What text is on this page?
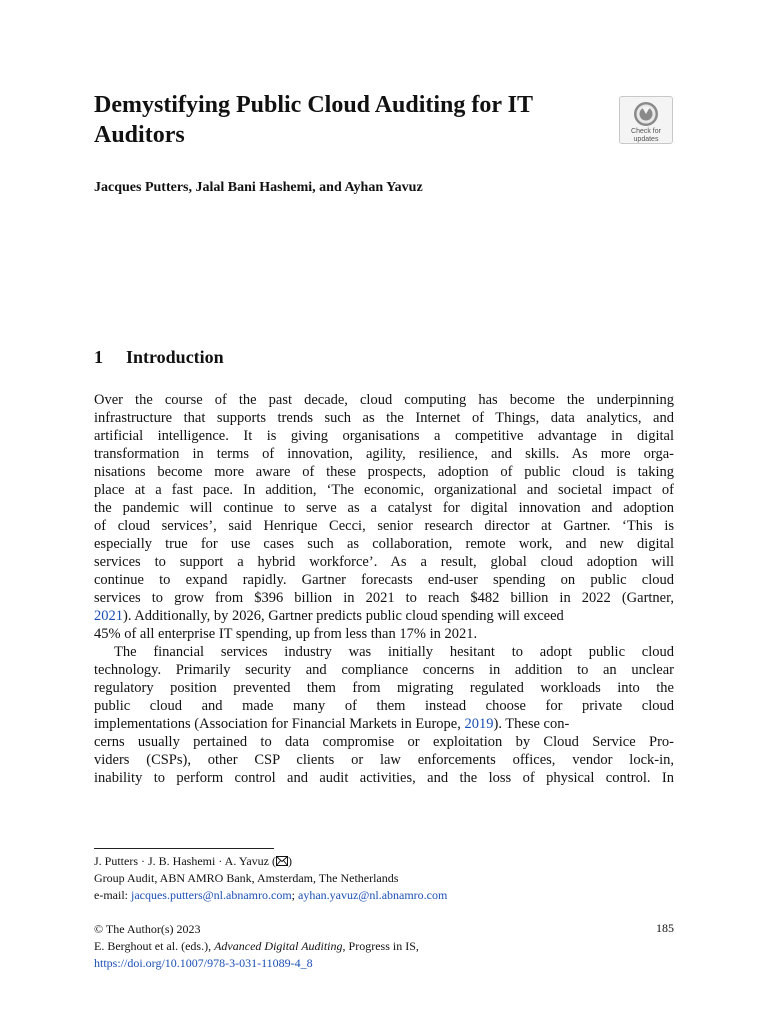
Demystifying Public Cloud Auditing for IT Auditors	Check for
updates
Jacques Putters, Jalal Bani Hashemi, and Ayhan Yavuz
1 Introduction
Over the course of the past decade, cloud computing has become the underpinning
infrastructure that supports trends such as the Internet of Things, data analytics, and
artificial intelligence. It is giving organisations a competitive advantage in digital
transformation in terms of innovation, agility, resilience, and skills. As more orga-
nisations become more aware of these prospects, adoption of public cloud is taking
place at a fast pace. In addition, ‘The economic, organizational and societal impact of
the pandemic will continue to serve as a catalyst for digital innovation and adoption
of cloud services’, said Henrique Cecci, senior research director at Gartner. ‘This is
especially true for use cases such as collaboration, remote work, and new digital
services to support a hybrid workforce’. As a result, global cloud adoption will
continue to expand rapidly. Gartner forecasts end-user spending on public cloud
services to grow from $396 billion in 2021 to reach $482 billion in 2022 (Gartner,
2021). Additionally, by 2026, Gartner predicts public cloud spending will exceed
45% of all enterprise IT spending, up from less than 17% in 2021.
The financial services industry was initially hesitant to adopt public cloud
technology. Primarily security and compliance concerns in addition to an unclear
regulatory position prevented them from migrating regulated workloads into the
public cloud and made many of them instead choose for private cloud
implementations (Association for Financial Markets in Europe, 2019). These con-
cerns usually pertained to data compromise or exploitation by Cloud Service Pro-
viders (CSPs), other CSP clients or law enforcements offices, vendor lock-in,
inability to perform control and audit activities, and the loss of physical control. In
J. Putters · J. B. Hashemi · A. Yavuz ( )
Group Audit, ABN AMRO Bank, Amsterdam, The Netherlands
e-mail: jacques.putters@nl.abnamro.com; ayhan.yavuz@nl.abnamro.com
© The Author(s) 2023	185
E. Berghout et al. (eds.), Advanced Digital Auditing, Progress in IS,
https://doi.org/10.1007/978-3-031-11089-4_8
